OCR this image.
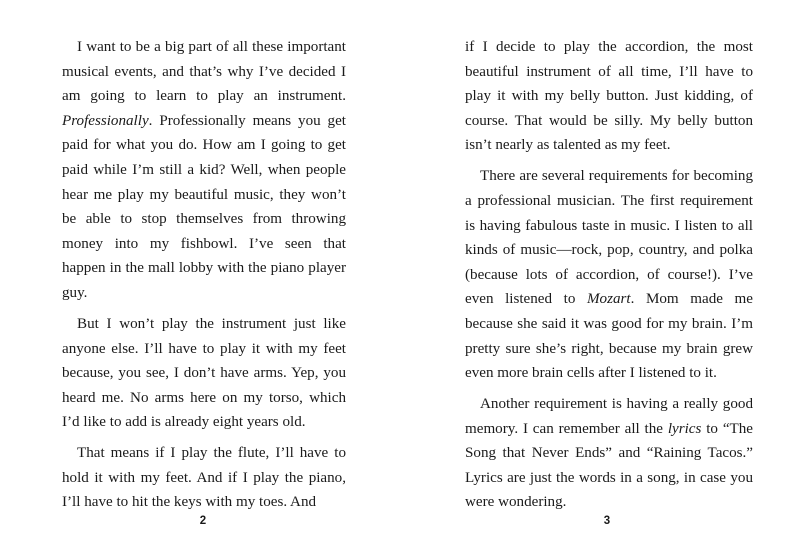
I want to be a big part of all these important musical events, and that’s why I’ve decided I am going to learn to play an instrument. Professionally. Professionally means you get paid for what you do. How am I going to get paid while I’m still a kid? Well, when people hear me play my beautiful music, they won’t be able to stop themselves from throwing money into my fishbowl. I’ve seen that happen in the mall lobby with the piano player guy.

But I won’t play the instrument just like anyone else. I’ll have to play it with my feet because, you see, I don’t have arms. Yep, you heard me. No arms here on my torso, which I’d like to add is already eight years old.

That means if I play the flute, I’ll have to hold it with my feet. And if I play the piano, I’ll have to hit the keys with my toes. And

2

if I decide to play the accordion, the most beautiful instrument of all time, I’ll have to play it with my belly button. Just kidding, of course. That would be silly. My belly button isn’t nearly as talented as my feet.

There are several requirements for becoming a professional musician. The first requirement is having fabulous taste in music. I listen to all kinds of music—rock, pop, country, and polka (because lots of accordion, of course!). I’ve even listened to Mozart. Mom made me because she said it was good for my brain. I’m pretty sure she’s right, because my brain grew even more brain cells after I listened to it.

Another requirement is having a really good memory. I can remember all the lyrics to “The Song that Never Ends” and “Raining Tacos.” Lyrics are just the words in a song, in case you were wondering.

3
